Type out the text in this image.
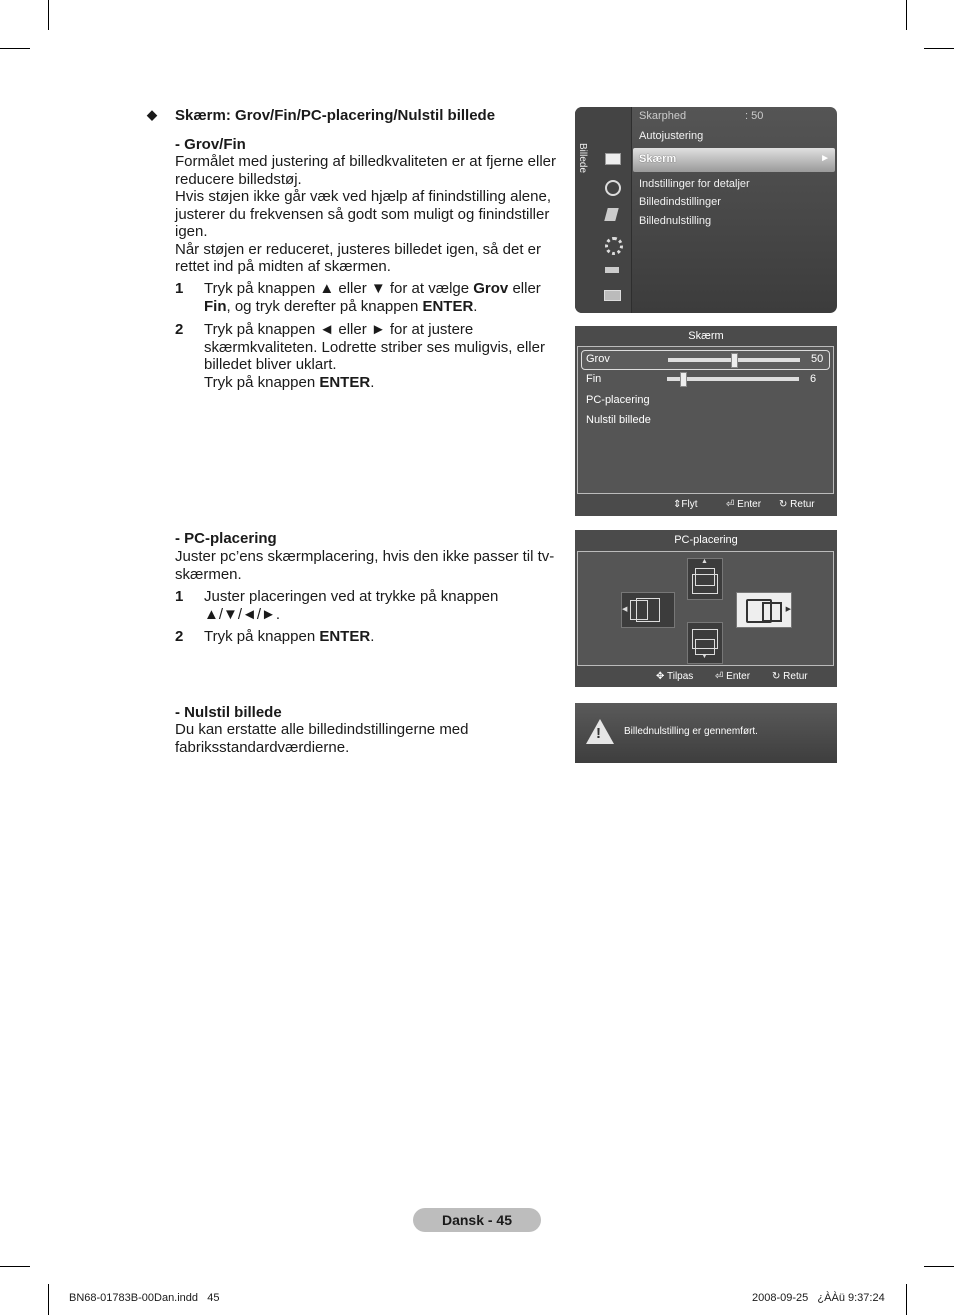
◆ Skærm: Grov/Fin/PC-placering/Nulstil billede
- Grov/Fin
Formålet med justering af billedkvaliteten er at fjerne eller
reducere billedstøj.
Hvis støjen ikke går væk ved hjælp af finindstilling alene,
justerer du frekvensen så godt som muligt og finindstiller
igen.
Når støjen er reduceret, justeres billedet igen, så det er
rettet ind på midten af skærmen.
1 Tryk på knappen ▲ eller ▼ for at vælge Grov eller
Fin, og tryk derefter på knappen ENTER.
2 Tryk på knappen ◄ eller ► for at justere
skærmkvaliteten. Lodrette striber ses muligvis, eller
billedet bliver uklart.
Tryk på knappen ENTER.
- PC-placering
Juster pc’ens skærmplacering, hvis den ikke passer til tv-
skærmen.
1 Juster placeringen ved at trykke på knappen
▲/▼/◄/►.
2 Tryk på knappen ENTER.
- Nulstil billede
Du kan erstatte alle billedindstillingerne med
fabriksstandardværdierne.
Billede
Skarphed	: 50
Autojustering
Skærm	►
Indstillinger for detaljer
Billedindstillinger
Billednulstilling
Skærm
Grov	50
Fin	6
PC-placering
Nulstil billede
⇕Flyt	⏎ Enter ↻ Retur
PC-placering
▲
◀	▶
▼
✥ Tilpas ⏎ Enter ↻ Retur
! Billednulstilling er gennemført.
Dansk - 45
BN68-01783B-00Dan.indd   45	2008-09-25   ¿ÀÀü 9:37:24
